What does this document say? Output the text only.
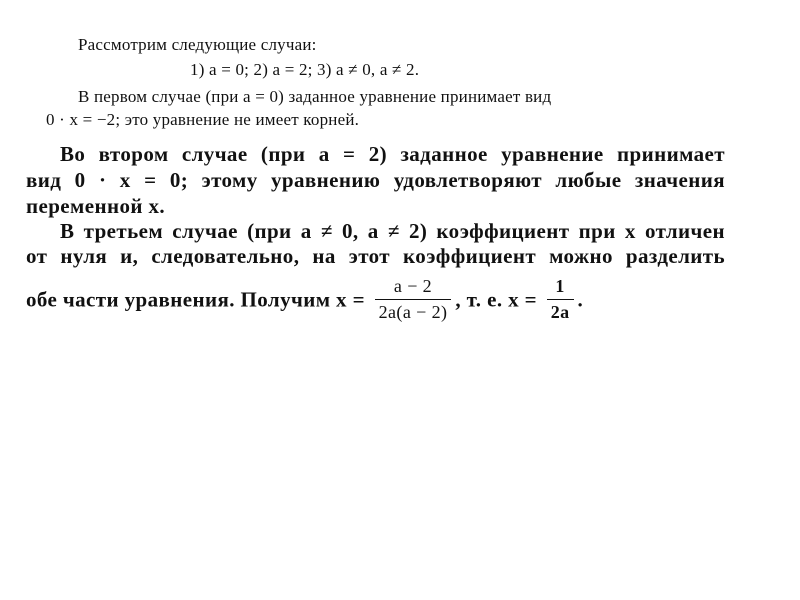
Рассмотрим следующие случаи:
1) a = 0; 2) a = 2; 3) a ≠ 0, a ≠ 2.
В первом случае (при a = 0) заданное уравнение принимает вид
0 · x = −2; это уравнение не имеет корней.
Во втором случае (при a = 2) заданное уравнение принимает
вид 0 · x = 0; этому уравнению удовлетворяют любые значения
переменной x.
В третьем случае (при a ≠ 0, a ≠ 2) коэффициент при x отличен
от нуля и, следовательно, на этот коэффициент можно разделить
обе части уравнения. Получим $x = \frac{a - 2}{2a(a - 2)}$ , т. е. $x = \frac{1}{2a}$ .
